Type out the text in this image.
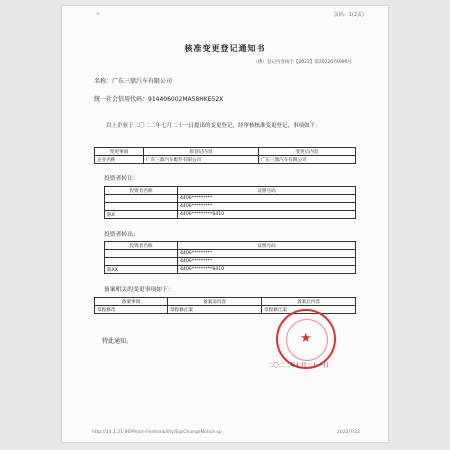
≈	页码：1(2页)
核准变更登记通知书
（佛）登记内变核字【2022】第2022074990号
名称：广东三鼎汽车有限公司
统一社会信用代码：914406002MA58HKE52X
以上企业于二〇二二年七月二十一日提出的变更登记，经审核核准变更登记，事项如下：
变更事项	原登记内容	变更后内容
企业名称	广东三鼎汽车配件有限公司	广东三鼎汽车有限公司
投资者转让：
投资者名称	证照号码
	4406*********
	4406*********
陈X	4406*********8410
投资者转出：
投资者名称	证照号码
	4406*********
	4406*********
陈XX	4406*********8410
备案相关的变更事项如下：
备案事项	备案前内容	备案后内容
章程修改	章程修正案	章程修正案
特此通知。	★
二〇二二年七月二十一日
http://14.1.21:8699/om-Fentionbility/EqsChangeNotice.sp	2022/7/22
